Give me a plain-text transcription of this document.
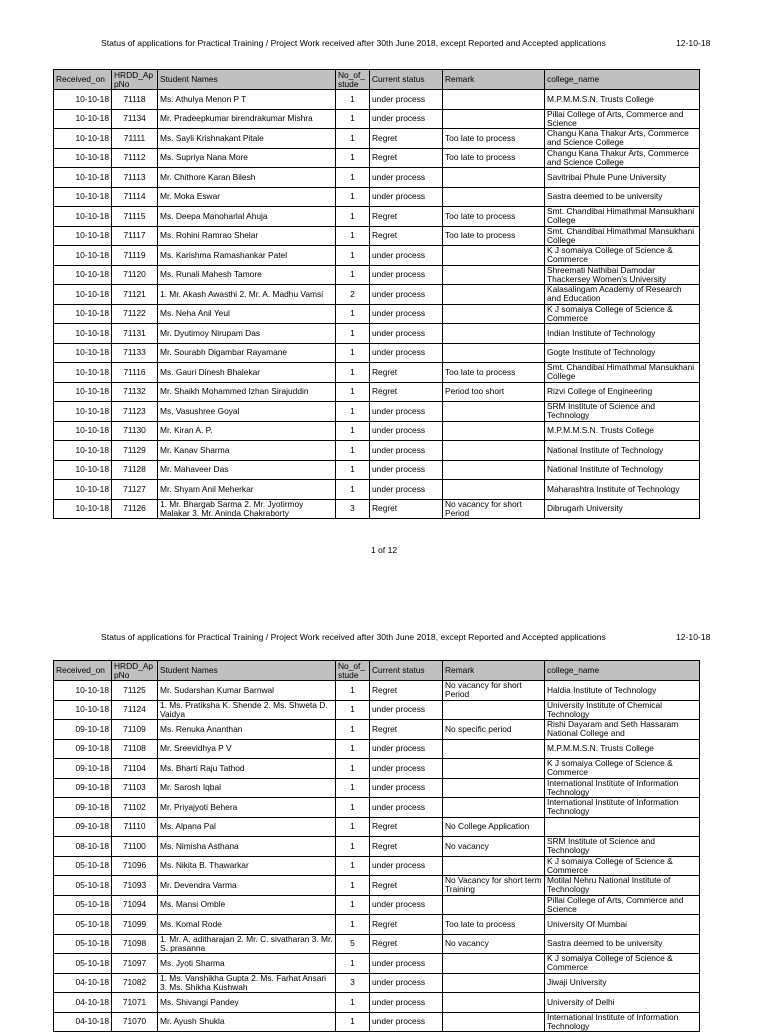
Status of applications for Practical Training / Project Work received after 30th June 2018, except Reported and Accepted applications	12-10-18
Received_on	HRDD_AppNo	Student Names	No_of_stude	Current status	Remark	college_name
10-10-18	71118	Ms. Athulya Menon P T	1	under process		M.P.M.M.S.N. Trusts College
10-10-18	71134	Mr. Pradeepkumar birendrakumar Mishra	1	under process		Pillai College of Arts, Commerce and Science
10-10-18	71111	Ms. Sayli Krishnakant Pitale	1	Regret	Too late to process	Changu Kana Thakur Arts, Commerce and Science College
10-10-18	71112	Ms. Supriya Nana More	1	Regret	Too late to process	Changu Kana Thakur Arts, Commerce and Science College
10-10-18	71113	Mr. Chithore Karan Bilesh	1	under process		Savitribai Phule Pune University
10-10-18	71114	Mr. Moka Eswar	1	under process		Sastra deemed to be university
10-10-18	71115	Ms. Deepa Manoharlal Ahuja	1	Regret	Too late to process	Smt. Chandibai Himathmal Mansukhani College
10-10-18	71117	Ms. Rohini Ramrao Shelar	1	Regret	Too late to process	Smt. Chandibai Himathmal Mansukhani College
10-10-18	71119	Ms. Karishma Ramashankar Patel	1	under process		K J somaiya College of Science & Commerce
10-10-18	71120	Ms. Runali Mahesh Tamore	1	under process		Shreemati Nathibai Damodar Thackersey Women's University
10-10-18	71121	1. Mr. Akash Awasthi 2. Mr. A. Madhu Vamsi	2	under process		Kalasalingam Academy of Research and Education
10-10-18	71122	Ms. Neha Anil Yeul	1	under process		K J somaiya College of Science & Commerce
10-10-18	71131	Mr. Dyutimoy Nirupam Das	1	under process		Indian Institute of Technology
10-10-18	71133	Mr. Sourabh Digambar Rayamane	1	under process		Gogte Institute of Technology
10-10-18	71116	Ms. Gauri Dinesh Bhalekar	1	Regret	Too late to process	Smt. Chandibai Himathmal Mansukhani College
10-10-18	71132	Mr. Shaikh Mohammed Izhan Sirajuddin	1	Regret	Period too short	Rizvi College of Engineering
10-10-18	71123	Ms, Vasushree Goyal	1	under process		SRM Institute of Science and Technology
10-10-18	71130	Mr. Kiran A. P.	1	under process		M.P.M.M.S.N. Trusts College
10-10-18	71129	Mr. Kanav Sharma	1	under process		National Institute of Technology
10-10-18	71128	Mr. Mahaveer Das	1	under process		National Institute of Technology
10-10-18	71127	Mr. Shyam Anil Meherkar	1	under process		Maharashtra Institute of Technology
10-10-18	71126	1. Mr. Bhargab Sarma 2. Mr. Jyotirmoy Malakar 3. Mr. Aninda Chakraborty	3	Regret	No vacancy for short Period	Dibrugarh University
1 of 12
Status of applications for Practical Training / Project Work received after 30th June 2018, except Reported and Accepted applications	12-10-18
Received_on	HRDD_AppNo	Student Names	No_of_stude	Current status	Remark	college_name
10-10-18	71125	Mr. Sudarshan Kumar Barnwal	1	Regret	No vacancy for short Period	Haldia Institute of Technology
10-10-18	71124	1. Ms. Pratiksha K. Shende 2. Ms. Shweta D. Vaidya	1	under process		University Institute of Chemical Technology
09-10-18	71109	Ms. Renuka Ananthan	1	Regret	No specific period	Rishi Dayaram and Seth Hassaram National College and
09-10-18	71108	Mr. Sreevidhya P V	1	under process		M.P.M.M.S.N. Trusts College
09-10-18	71104	Ms. Bharti Raju Tathod	1	under process		K J somaiya College of Science & Commerce
09-10-18	71103	Mr. Sarosh Iqbal	1	under process		International Institute of Information Technology
09-10-18	71102	Mr. Priyajyoti Behera	1	under process		International Institute of Information Technology
09-10-18	71110	Ms. Alpana Pal	1	Regret	No College Application	
08-10-18	71100	Ms. Nimisha Asthana	1	Regret	No vacancy	SRM Institute of Science and Technology
05-10-18	71096	Ms. Nikita B. Thawarkar	1	under process		K J somaiya College of Science & Commerce
05-10-18	71093	Mr. Devendra Varma	1	Regret	No Vacancy for short term Training	Motilal Nehru National Institute of Technology
05-10-18	71094	Ms. Mansi Omble	1	under process		Pillai College of Arts, Commerce and Science
05-10-18	71099	Ms. Komal Rode	1	Regret	Too late to process	University Of Mumbai
05-10-18	71098	1. Mr. A. aditharajan 2. Mr. C. sivatharan 3. Mr. S. prasanna	5	Regret	No vacancy	Sastra deemed to be university
05-10-18	71097	Ms. Jyoti Sharma	1	under process		K J somaiya College of Science & Commerce
04-10-18	71082	1. Ms. Vanshikha Gupta 2. Ms. Farhat Ansari 3. Ms. Shikha Kushwah	3	under process		Jiwaji University
04-10-18	71071	Ms. Shivangi Pandey	1	under process		University of Delhi
04-10-18	71070	Mr. Ayush Shukla	1	under process		International Institute of Information Technology
